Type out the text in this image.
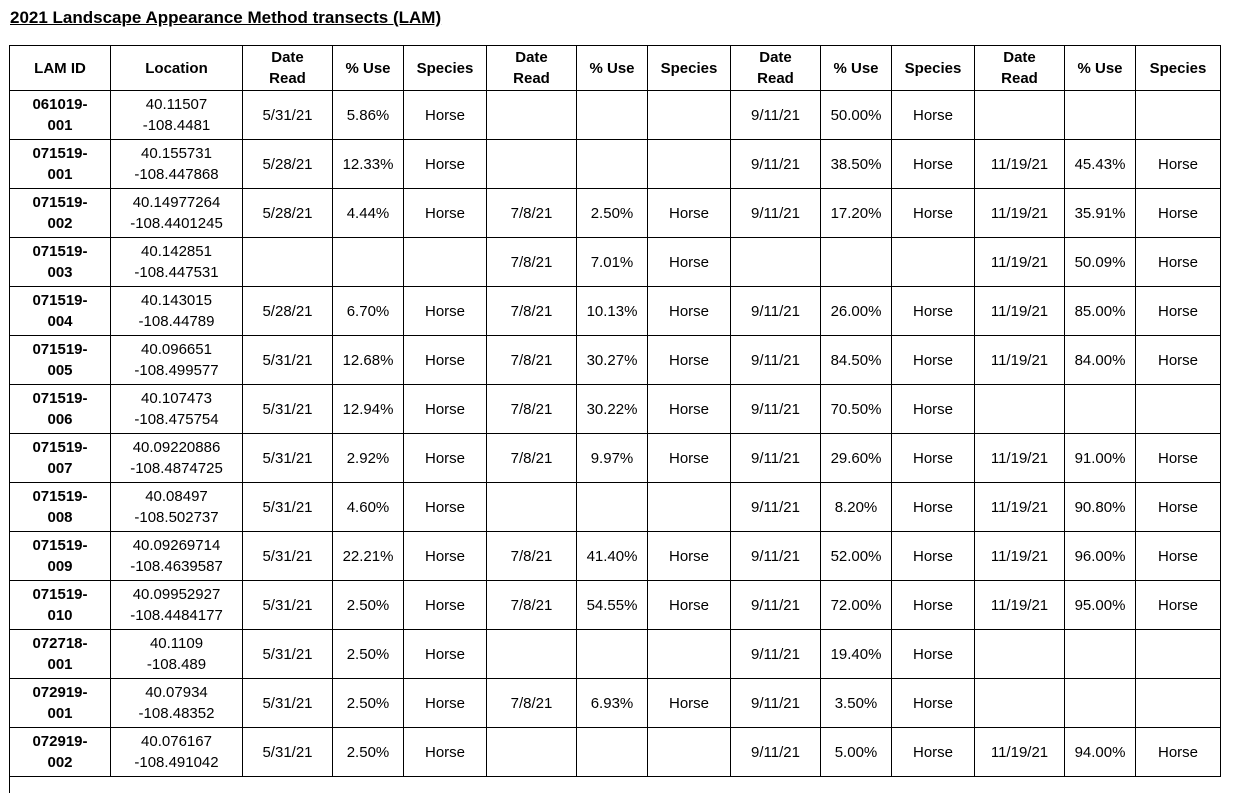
2021 Landscape Appearance Method transects (LAM)
LAM ID	Location	Date
Read	% Use	Species	Date
Read	% Use	Species	Date
Read	% Use	Species	Date
Read	% Use	Species

061019-
001	40.11507
-108.4481	5/31/21	5.86%	Horse				9/11/21	50.00%	Horse			

071519-
001	40.155731
-108.447868	5/28/21	12.33%	Horse				9/11/21	38.50%	Horse	11/19/21	45.43%	Horse

071519-
002	40.14977264
-108.4401245	5/28/21	4.44%	Horse	7/8/21	2.50%	Horse	9/11/21	17.20%	Horse	11/19/21	35.91%	Horse

071519-
003	40.142851
-108.447531				7/8/21	7.01%	Horse				11/19/21	50.09%	Horse

071519-
004	40.143015
-108.44789	5/28/21	6.70%	Horse	7/8/21	10.13%	Horse	9/11/21	26.00%	Horse	11/19/21	85.00%	Horse

071519-
005	40.096651
-108.499577	5/31/21	12.68%	Horse	7/8/21	30.27%	Horse	9/11/21	84.50%	Horse	11/19/21	84.00%	Horse

071519-
006	40.107473
-108.475754	5/31/21	12.94%	Horse	7/8/21	30.22%	Horse	9/11/21	70.50%	Horse			

071519-
007	40.09220886
-108.4874725	5/31/21	2.92%	Horse	7/8/21	9.97%	Horse	9/11/21	29.60%	Horse	11/19/21	91.00%	Horse

071519-
008	40.08497
-108.502737	5/31/21	4.60%	Horse				9/11/21	8.20%	Horse	11/19/21	90.80%	Horse

071519-
009	40.09269714
-108.4639587	5/31/21	22.21%	Horse	7/8/21	41.40%	Horse	9/11/21	52.00%	Horse	11/19/21	96.00%	Horse

071519-
010	40.09952927
-108.4484177	5/31/21	2.50%	Horse	7/8/21	54.55%	Horse	9/11/21	72.00%	Horse	11/19/21	95.00%	Horse

072718-
001	40.1109
-108.489	5/31/21	2.50%	Horse				9/11/21	19.40%	Horse			

072919-
001	40.07934
-108.48352	5/31/21	2.50%	Horse	7/8/21	6.93%	Horse	9/11/21	3.50%	Horse			

072919-
002	40.076167
-108.491042	5/31/21	2.50%	Horse				9/11/21	5.00%	Horse	11/19/21	94.00%	Horse
